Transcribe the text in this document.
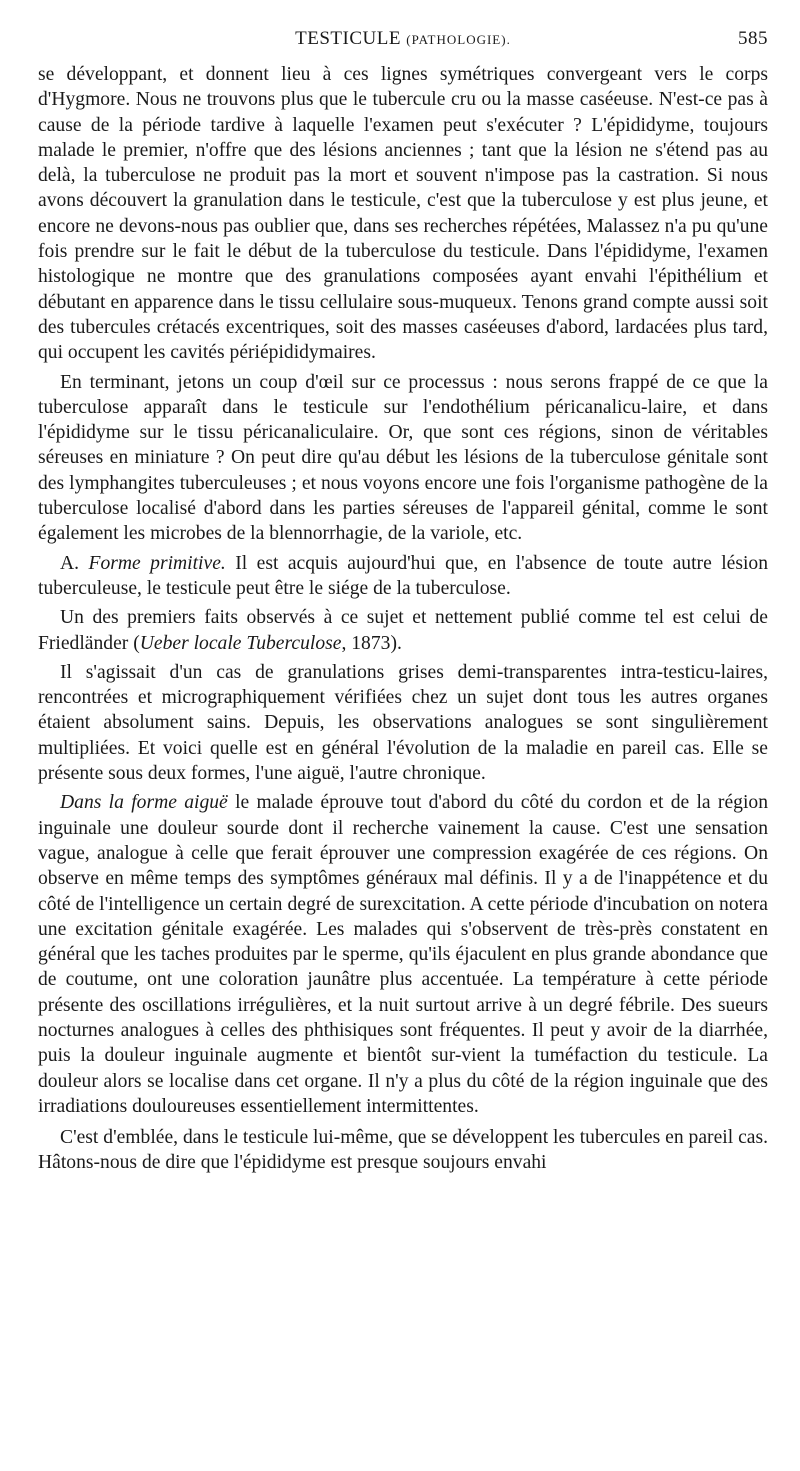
TESTICULE (PATHOLOGIE).	585

se développant, et donnent lieu à ces lignes symétriques convergeant vers le corps d'Hygmore. Nous ne trouvons plus que le tubercule cru ou la masse caséeuse. N'est-ce pas à cause de la période tardive à laquelle l'examen peut s'exécuter ? L'épididyme, toujours malade le premier, n'offre que des lésions anciennes ; tant que la lésion ne s'étend pas au delà, la tuberculose ne produit pas la mort et souvent n'impose pas la castration. Si nous avons découvert la granulation dans le testicule, c'est que la tuberculose y est plus jeune, et encore ne devons-nous pas oublier que, dans ses recherches répétées, Malassez n'a pu qu'une fois prendre sur le fait le début de la tuberculose du testicule. Dans l'épididyme, l'examen histologique ne montre que des granulations composées ayant envahi l'épithélium et débutant en apparence dans le tissu cellulaire sous-muqueux. Tenons grand compte aussi soit des tubercules crétacés excentriques, soit des masses caséeuses d'abord, lardacées plus tard, qui occupent les cavités périépididymaires.

En terminant, jetons un coup d'œil sur ce processus : nous serons frappé de ce que la tuberculose apparaît dans le testicule sur l'endothélium péricanalicu-laire, et dans l'épididyme sur le tissu péricanaliculaire. Or, que sont ces régions, sinon de véritables séreuses en miniature ? On peut dire qu'au début les lésions de la tuberculose génitale sont des lymphangites tuberculeuses ; et nous voyons encore une fois l'organisme pathogène de la tuberculose localisé d'abord dans les parties séreuses de l'appareil génital, comme le sont également les microbes de la blennorrhagie, de la variole, etc.

A. Forme primitive. Il est acquis aujourd'hui que, en l'absence de toute autre lésion tuberculeuse, le testicule peut être le siége de la tuberculose.

Un des premiers faits observés à ce sujet et nettement publié comme tel est celui de Friedländer (Ueber locale Tuberculose, 1873).

Il s'agissait d'un cas de granulations grises demi-transparentes intra-testicu-laires, rencontrées et micrographiquement vérifiées chez un sujet dont tous les autres organes étaient absolument sains. Depuis, les observations analogues se sont singulièrement multipliées. Et voici quelle est en général l'évolution de la maladie en pareil cas. Elle se présente sous deux formes, l'une aiguë, l'autre chronique.

Dans la forme aiguë le malade éprouve tout d'abord du côté du cordon et de la région inguinale une douleur sourde dont il recherche vainement la cause. C'est une sensation vague, analogue à celle que ferait éprouver une compression exagérée de ces régions. On observe en même temps des symptômes généraux mal définis. Il y a de l'inappétence et du côté de l'intelligence un certain degré de surexcitation. A cette période d'incubation on notera une excitation génitale exagérée. Les malades qui s'observent de très-près constatent en général que les taches produites par le sperme, qu'ils éjaculent en plus grande abondance que de coutume, ont une coloration jaunâtre plus accentuée. La température à cette période présente des oscillations irrégulières, et la nuit surtout arrive à un degré fébrile. Des sueurs nocturnes analogues à celles des phthisiques sont fréquentes. Il peut y avoir de la diarrhée, puis la douleur inguinale augmente et bientôt sur-vient la tuméfaction du testicule. La douleur alors se localise dans cet organe. Il n'y a plus du côté de la région inguinale que des irradiations douloureuses essentiellement intermittentes.

C'est d'emblée, dans le testicule lui-même, que se développent les tubercules en pareil cas. Hâtons-nous de dire que l'épididyme est presque soujours envahi
